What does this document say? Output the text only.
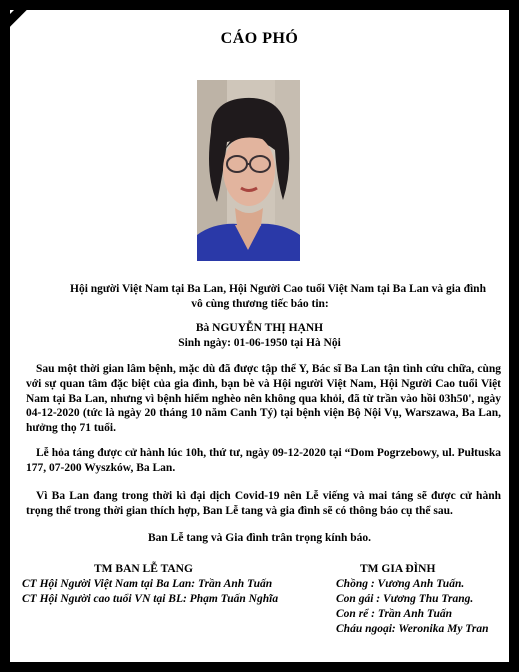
CÁO PHÓ
Hội người Việt Nam tại Ba Lan, Hội Người Cao tuổi Việt Nam tại Ba Lan và gia đình
vô cùng thương tiếc báo tin:
Bà NGUYỄN THỊ HẠNH
Sinh ngày: 01-06-1950 tại Hà Nội
Sau một thời gian lâm bệnh, mặc dù đã được tập thể Y, Bác sĩ Ba Lan tận tình cứu chữa, cùng với sự quan tâm đặc biệt của gia đình, bạn bè và Hội người Việt Nam, Hội Người Cao tuổi Việt Nam tại Ba Lan, nhưng vì bệnh hiểm nghèo nên không qua khỏi, đã từ trần vào hồi 03h50', ngày 04-12-2020 (tức là ngày 20 tháng 10 năm Canh Tý) tại bệnh viện Bộ Nội Vụ, Warszawa, Ba Lan, hưởng thọ 71 tuổi.
Lễ hỏa táng được cử hành lúc 10h, thứ tư, ngày 09-12-2020 tại “Dom Pogrzebowy, ul. Pułtuska 177, 07-200 Wyszków, Ba Lan.
Vì Ba Lan đang trong thời kì đại dịch Covid-19 nên Lễ viếng và mai táng sẽ được cử hành trọng thể trong thời gian thích hợp, Ban Lễ tang và gia đình sẽ có thông báo cụ thể sau.
Ban Lễ tang và Gia đình trân trọng kính báo.
TM BAN LỄ TANG
CT Hội Người Việt Nam tại Ba Lan: Trần Anh Tuấn
CT Hội Người cao tuổi VN tại BL: Phạm Tuấn Nghĩa
TM GIA ĐÌNH
Chồng : Vương Anh Tuấn.
Con gái : Vương Thu Trang.
Con rể : Trần Anh Tuấn
Cháu ngoại: Weronika My Tran
